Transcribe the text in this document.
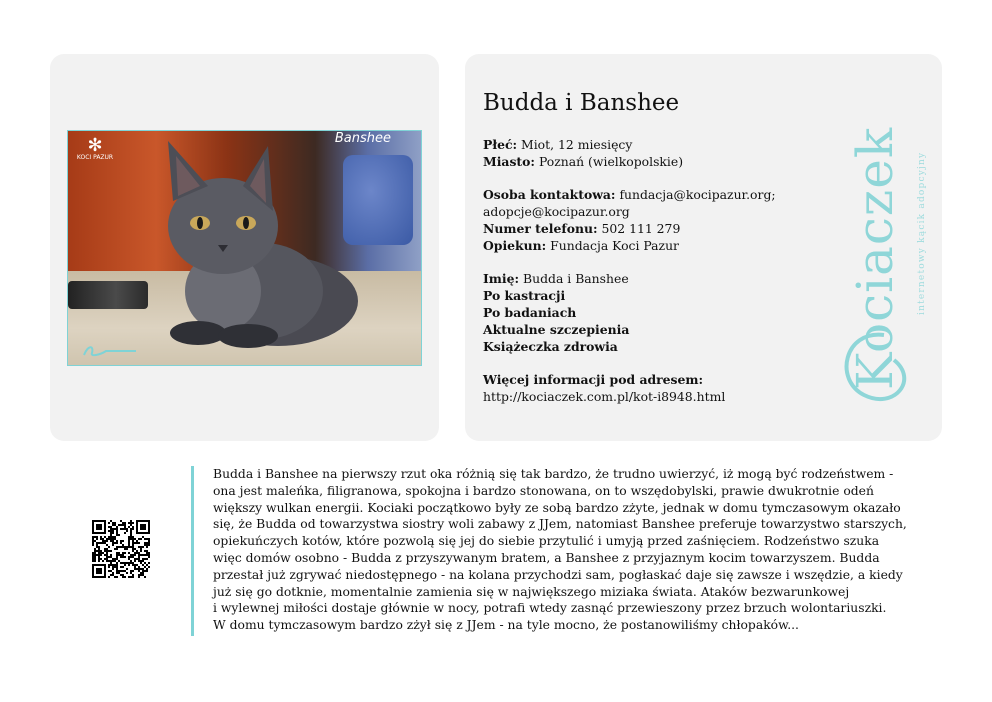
✻
KOCI PAZUR
Banshee
Budda i Banshee
Płeć: Miot, 12 miesięcy
Miasto: Poznań (wielkopolskie)
Osoba kontaktowa: fundacja@kocipazur.org;
adopcje@kocipazur.org
Numer telefonu: 502 111 279
Opiekun: Fundacja Koci Pazur
Imię: Budda i Banshee
Po kastracji
Po badaniach
Aktualne szczepienia
Książeczka zdrowia
Więcej informacji pod adresem:
http://kociaczek.com.pl/kot-i8948.html
Kociaczek internetowy kącik adopcyjny
Budda i Banshee na pierwszy rzut oka różnią się tak bardzo, że trudno uwierzyć, iż mogą być rodzeństwem -
ona jest maleńka, filigranowa, spokojna i bardzo stonowana, on to wszędobylski, prawie dwukrotnie odeń
większy wulkan energii. Kociaki początkowo były ze sobą bardzo zżyte, jednak w domu tymczasowym okazało
się, że Budda od towarzystwa siostry woli zabawy z JJem, natomiast Banshee preferuje towarzystwo starszych,
opiekuńczych kotów, które pozwolą się jej do siebie przytulić i umyją przed zaśnięciem. Rodzeństwo szuka
więc domów osobno - Budda z przyszywanym bratem, a Banshee z przyjaznym kocim towarzyszem. Budda
przestał już zgrywać niedostępnego - na kolana przychodzi sam, pogłaskać daje się zawsze i wszędzie, a kiedy
już się go dotknie, momentalnie zamienia się w największego miziaka świata. Ataków bezwarunkowej
i wylewnej miłości dostaje głównie w nocy, potrafi wtedy zasnąć przewieszony przez brzuch wolontariuszki.
W domu tymczasowym bardzo zżył się z JJem - na tyle mocno, że postanowiliśmy chłopaków...
